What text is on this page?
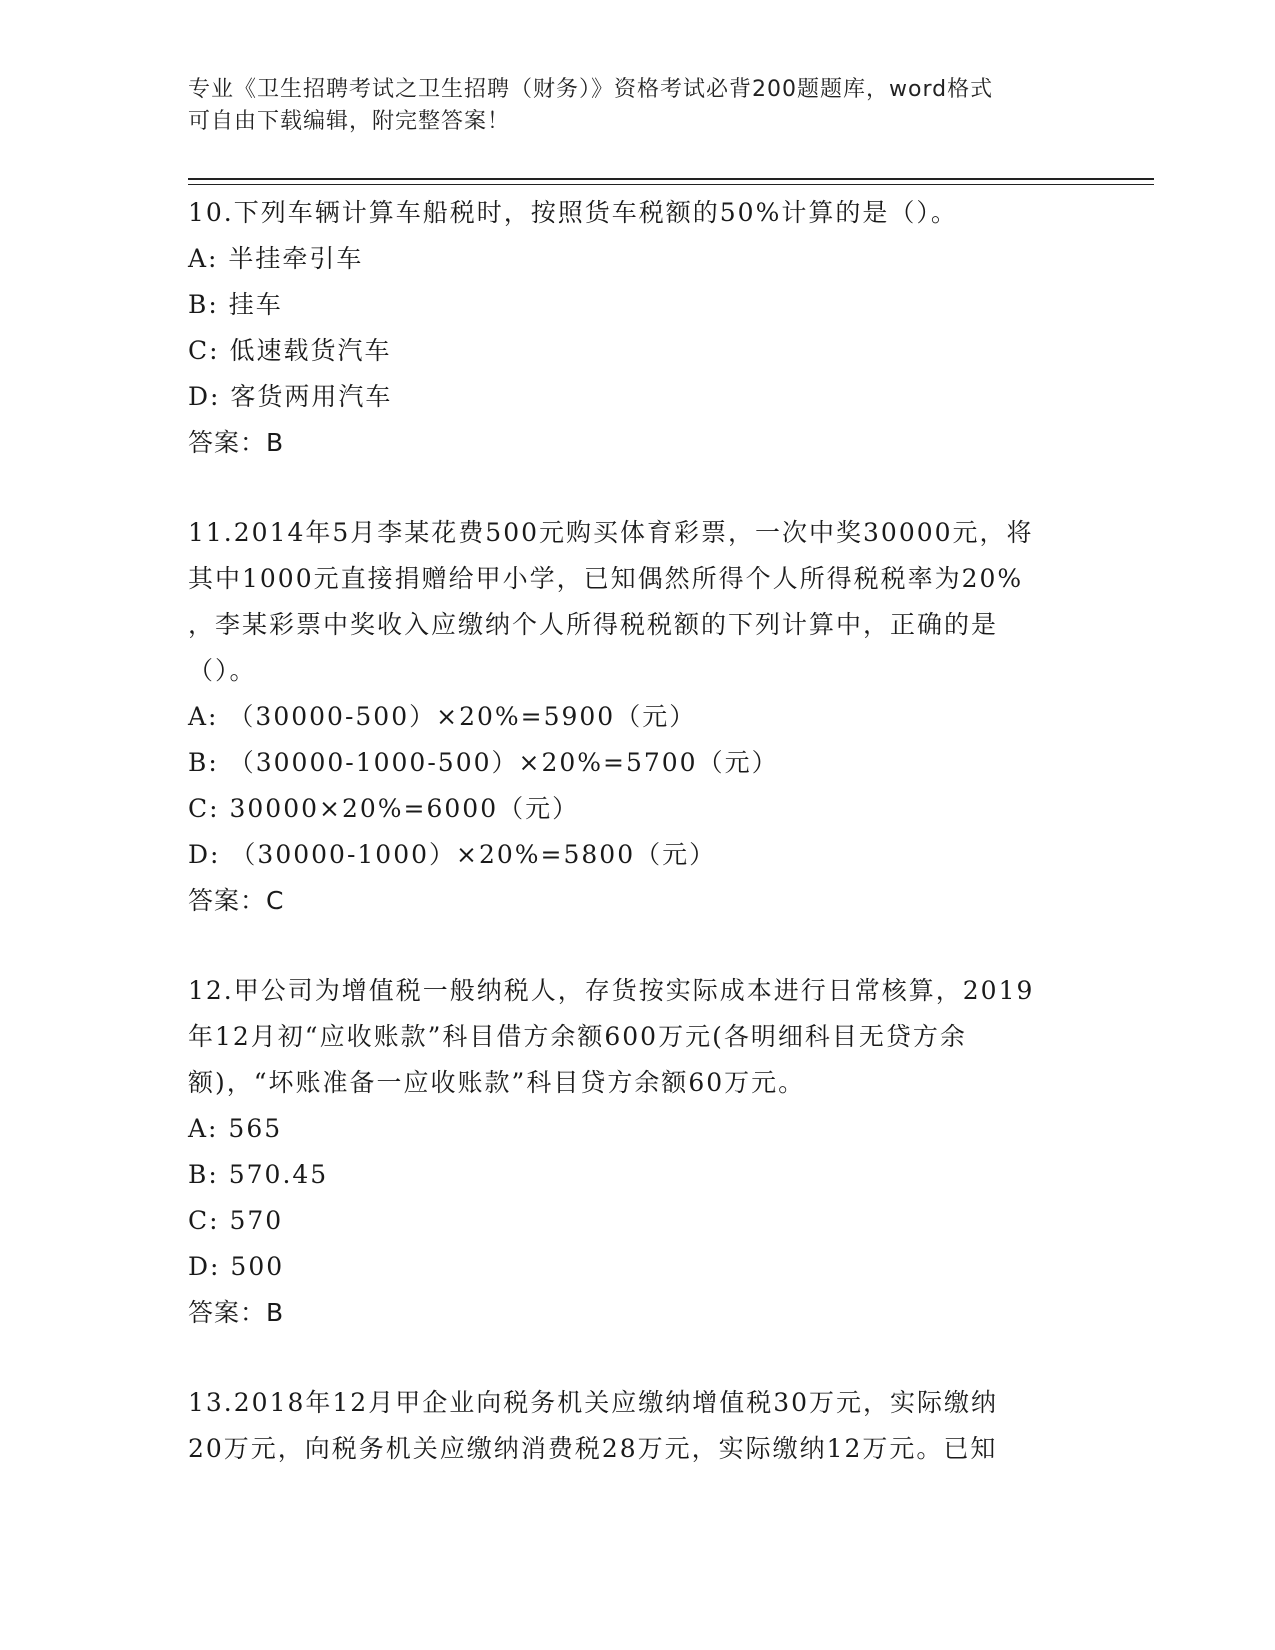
专业《卫生招聘考试之卫生招聘（财务）》资格考试必背200题题库，word格式
可自由下载编辑，附完整答案！

10.下列车辆计算车船税时，按照货车税额的50%计算的是（）。

A: 半挂牵引车

B: 挂车

C: 低速载货汽车

D: 客货两用汽车

答案：B

11.2014年5月李某花费500元购买体育彩票，一次中奖30000元，将

其中1000元直接捐赠给甲小学，已知偶然所得个人所得税税率为20%

，李某彩票中奖收入应缴纳个人所得税税额的下列计算中，正确的是

（）。

A: （30000-500）×20%=5900（元）

B: （30000-1000-500）×20%=5700（元）

C: 30000×20%=6000（元）

D: （30000-1000）×20%=5800（元）

答案：C

12.甲公司为增值税一般纳税人，存货按实际成本进行日常核算，2019

年12月初“应收账款”科目借方余额600万元(各明细科目无贷方余

额)，“坏账准备一应收账款”科目贷方余额60万元。

A: 565

B: 570.45

C: 570

D: 500

答案：B

13.2018年12月甲企业向税务机关应缴纳增值税30万元，实际缴纳

20万元，向税务机关应缴纳消费税28万元，实际缴纳12万元。已知
